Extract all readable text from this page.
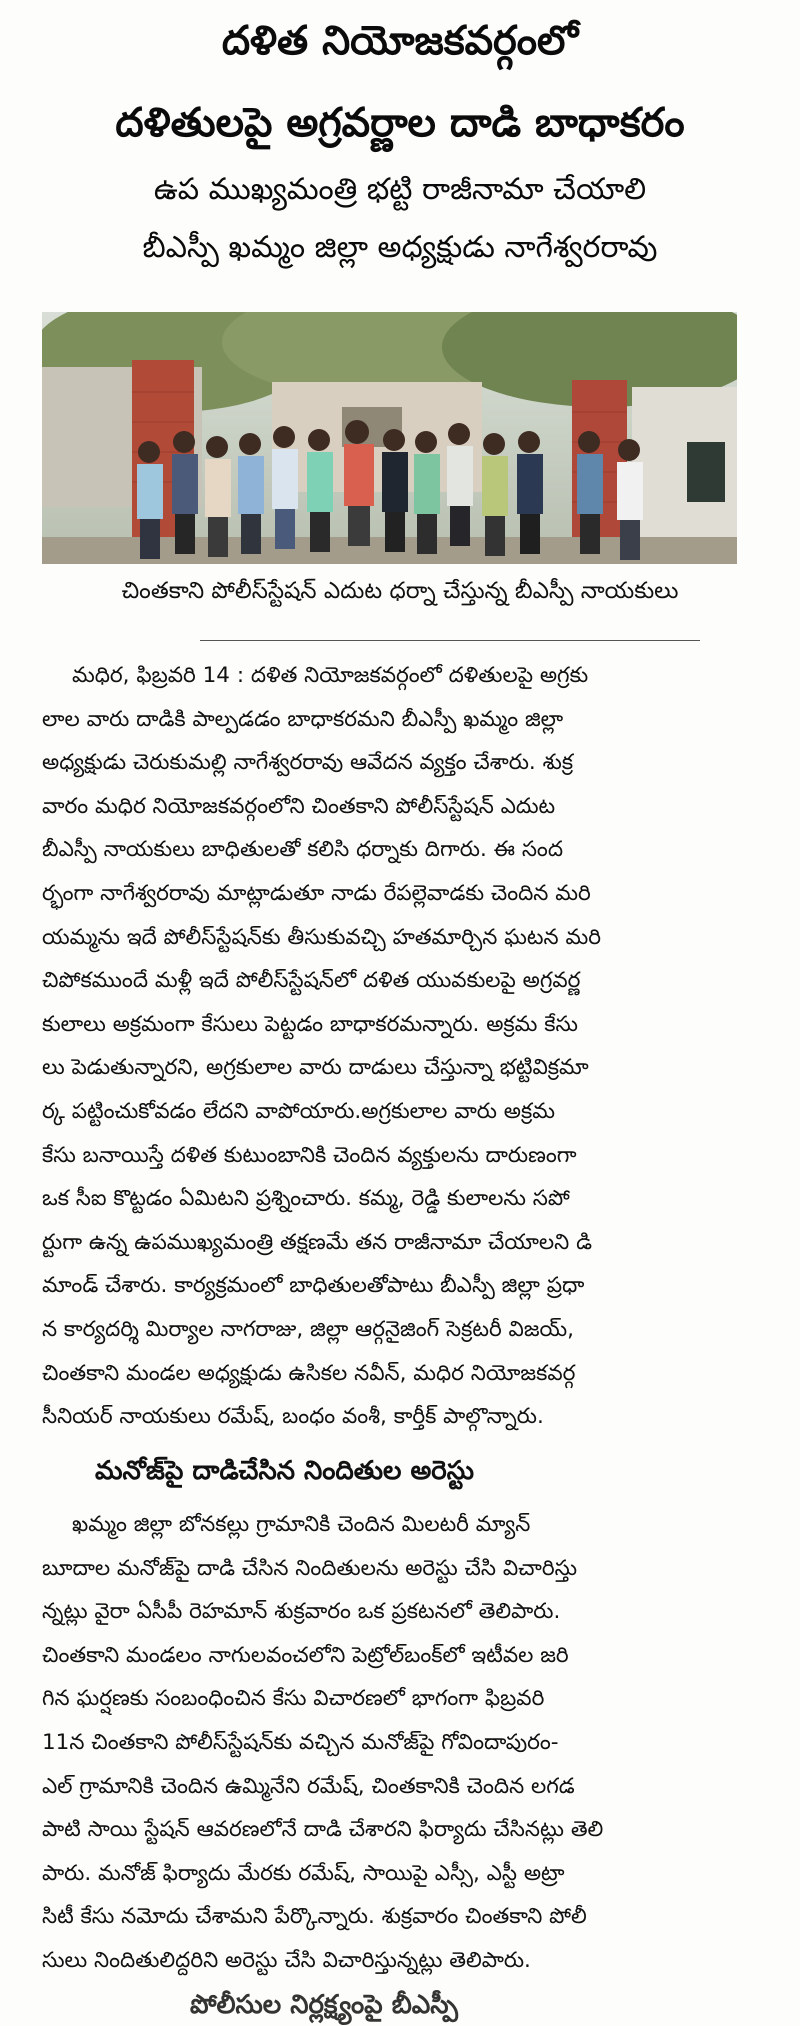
దళిత నియోజకవర్గంలో
దళితులపై అగ్రవర్ణాల దాడి బాధాకరం
ఉప ముఖ్యమంత్రి భట్టి రాజీనామా చేయాలి
బీఎస్పీ ఖమ్మం జిల్లా అధ్యక్షుడు నాగేశ్వరరావు
చింతకాని పోలీస్‌స్టేషన్ ఎదుట ధర్నా చేస్తున్న బీఎస్పీ నాయకులు
మధిర, ఫిబ్రవరి 14 : దళిత నియోజకవర్గంలో దళితులపై అగ్రకు
లాల వారు దాడికి పాల్పడడం బాధాకరమని బీఎస్పీ ఖమ్మం జిల్లా
అధ్యక్షుడు చెరుకుమల్లి నాగేశ్వరరావు ఆవేదన వ్యక్తం చేశారు. శుక్ర
వారం మధిర నియోజకవర్గంలోని చింతకాని పోలీస్‌స్టేషన్ ఎదుట
బీఎస్పీ నాయకులు బాధితులతో కలిసి ధర్నాకు దిగారు. ఈ సంద
ర్భంగా నాగేశ్వరరావు మాట్లాడుతూ నాడు రేపల్లెవాడకు చెందిన మరి
యమ్మను ఇదే పోలీస్‌స్టేషన్‌కు తీసుకువచ్చి హతమార్చిన ఘటన మరి
చిపోకముందే మళ్లీ ఇదే పోలీస్‌స్టేషన్‌లో దళిత యువకులపై అగ్రవర్ణ
కులాలు అక్రమంగా కేసులు పెట్టడం బాధాకరమన్నారు. అక్రమ కేసు
లు పెడుతున్నారని, అగ్రకులాల వారు దాడులు చేస్తున్నా భట్టివిక్రమా
ర్క పట్టించుకోవడం లేదని వాపోయారు.అగ్రకులాల వారు అక్రమ
కేసు బనాయిస్తే దళిత కుటుంబానికి చెందిన వ్యక్తులను దారుణంగా
ఒక సీఐ కొట్టడం ఏమిటని ప్రశ్నించారు. కమ్మ, రెడ్డి కులాలను సపో
ర్టుగా ఉన్న ఉపముఖ్యమంత్రి తక్షణమే తన రాజీనామా చేయాలని డి
మాండ్ చేశారు. కార్యక్రమంలో బాధితులతోపాటు బీఎస్పీ జిల్లా ప్రధా
న కార్యదర్శి మిర్యాల నాగరాజు, జిల్లా ఆర్గనైజింగ్ సెక్రటరీ విజయ్,
చింతకాని మండల అధ్యక్షుడు ఉసికల నవీన్, మధిర నియోజకవర్గ
సీనియర్ నాయకులు రమేష్, బంధం వంశీ, కార్తీక్ పాల్గొన్నారు.
మనోజ్‌పై దాడిచేసిన నిందితుల అరెస్టు
ఖమ్మం జిల్లా బోనకల్లు గ్రామానికి చెందిన మిలటరీ మ్యాన్
బూదాల మనోజ్‌పై దాడి చేసిన నిందితులను అరెస్టు చేసి విచారిస్తు
న్నట్లు వైరా ఏసీపీ రెహమాన్ శుక్రవారం ఒక ప్రకటనలో తెలిపారు.
చింతకాని మండలం నాగులవంచలోని పెట్రోల్‌బంక్‌లో ఇటీవల జరి
గిన ఘర్షణకు సంబంధించిన కేసు విచారణలో భాగంగా ఫిబ్రవరి
11న చింతకాని పోలీస్‌స్టేషన్‌కు వచ్చిన మనోజ్‌పై గోవిందాపురం-
ఎల్ గ్రామానికి చెందిన ఉమ్మినేని రమేష్, చింతకానికి చెందిన లగడ
పాటి సాయి స్టేషన్ ఆవరణలోనే దాడి చేశారని ఫిర్యాదు చేసినట్లు తెలి
పారు. మనోజ్ ఫిర్యాదు మేరకు రమేష్, సాయిపై ఎస్సీ, ఎస్టీ అట్రా
సిటీ కేసు నమోదు చేశామని పేర్కొన్నారు. శుక్రవారం చింతకాని పోలీ
సులు నిందితులిద్దరిని అరెస్టు చేసి విచారిస్తున్నట్లు తెలిపారు.
పోలీసుల నిర్లక్ష్యంపై బీఎస్పీ
